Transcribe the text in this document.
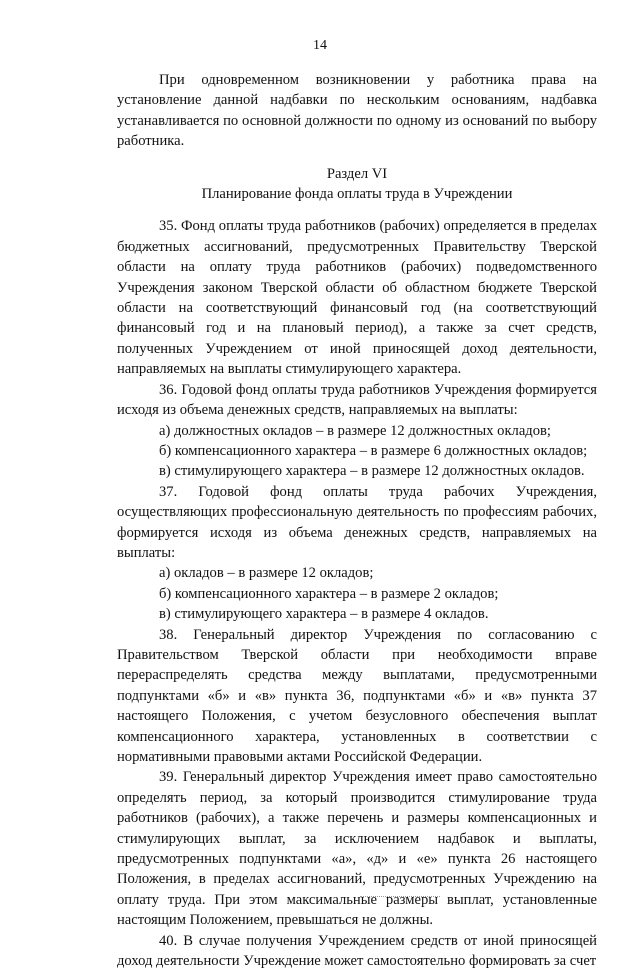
14

При одновременном возникновении у работника права на установление данной надбавки по нескольким основаниям, надбавка устанавливается по основной должности по одному из оснований по выбору работника.

Раздел VI

Планирование фонда оплаты труда в Учреждении

35. Фонд оплаты труда работников (рабочих) определяется в пределах бюджетных ассигнований, предусмотренных Правительству Тверской области на оплату труда работников (рабочих) подведомственного Учреждения законом Тверской области об областном бюджете Тверской области на соответствующий финансовый год (на соответствующий финансовый год и на плановый период), а также за счет средств, полученных Учреждением от иной приносящей доход деятельности, направляемых на выплаты стимулирующего характера.

36. Годовой фонд оплаты труда работников Учреждения формируется исходя из объема денежных средств, направляемых на выплаты:

а) должностных окладов – в размере 12 должностных окладов;

б) компенсационного характера – в размере 6 должностных окладов;

в) стимулирующего характера – в размере 12 должностных окладов.

37. Годовой фонд оплаты труда рабочих Учреждения, осуществляющих профессиональную деятельность по профессиям рабочих, формируется исходя из объема денежных средств, направляемых на выплаты:

а) окладов – в размере 12 окладов;

б) компенсационного характера – в размере 2 окладов;

в) стимулирующего характера – в размере 4 окладов.

38. Генеральный директор Учреждения по согласованию с Правительством Тверской области при необходимости вправе перераспределять средства между выплатами, предусмотренными подпунктами «б» и «в» пункта 36, подпунктами «б» и «в» пункта 37 настоящего Положения, с учетом безусловного обеспечения выплат компенсационного характера, установленных в соответствии с нормативными правовыми актами Российской Федерации.

39. Генеральный директор Учреждения имеет право самостоятельно определять период, за который производится стимулирование труда работников (рабочих), а также перечень и размеры компенсационных и стимулирующих выплат, за исключением надбавок и выплаты, предусмотренных подпунктами «а», «д» и «е» пункта 26 настоящего Положения, в пределах ассигнований, предусмотренных Учреждению на оплату труда. При этом максимальные размеры выплат, установленные настоящим Положением, превышаться не должны.

40. В случае получения Учреждением средств от иной приносящей доход деятельности Учреждение может самостоятельно формировать за счет
